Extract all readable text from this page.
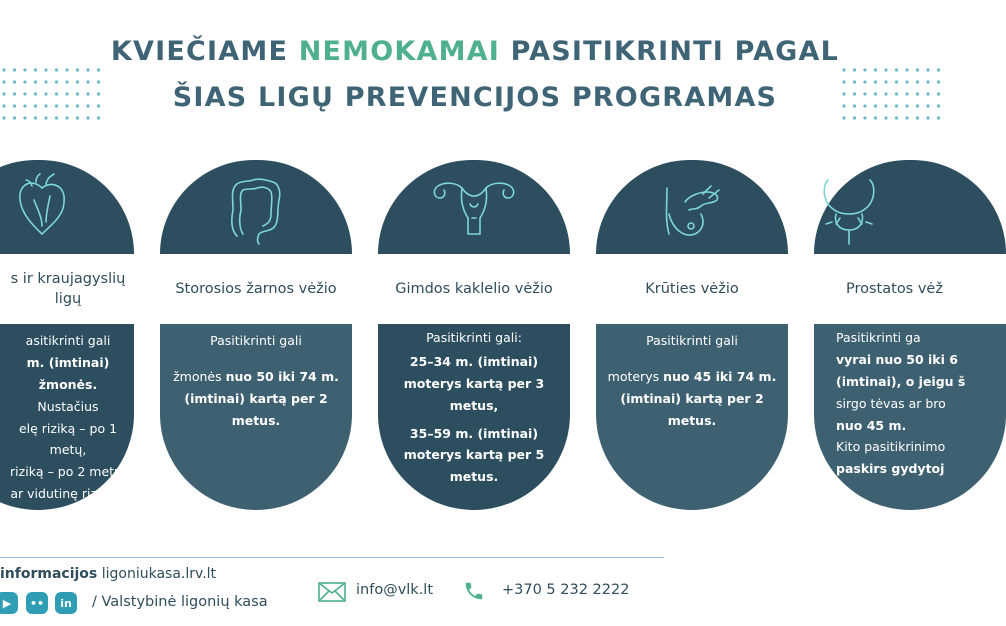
KVIEČIAME NEMOKAMAI PASITIKRINTI PAGAL
ŠIAS LIGŲ PREVENCIJOS PROGRAMAS
s ir kraujagyslių ligų

asitikrinti gali

m. (imtinai) žmonės.

Nustačius

elę riziką – po 1 metų,

riziką – po 2 metų,

ar vidutinę riziką –

po 4 metų.

Storosios žarnos vėžio

Pasitikrinti gali

žmonės nuo 50 iki 74 m. (imtinai) kartą per 2 metus.

Gimdos kaklelio vėžio

Pasitikrinti gali:

25–34 m. (imtinai) moterys kartą per 3 metus,

35–59 m. (imtinai) moterys kartą per 5 metus.

Krūties vėžio

Pasitikrinti gali

moterys nuo 45 iki 74 m. (imtinai) kartą per 2 metus.

Prostatos vėž

Pasitikrinti ga

vyrai nuo 50 iki 6

(imtinai), o jeigu š

sirgo tėvas ar bro

nuo 45 m.

Kito pasitikrinimo

paskirs gydytoj

informacijos ligoniukasa.lrv.lt
▶	••	in	/ Valstybinė ligonių kasa
info@vlk.lt	+370 5 232 2222
